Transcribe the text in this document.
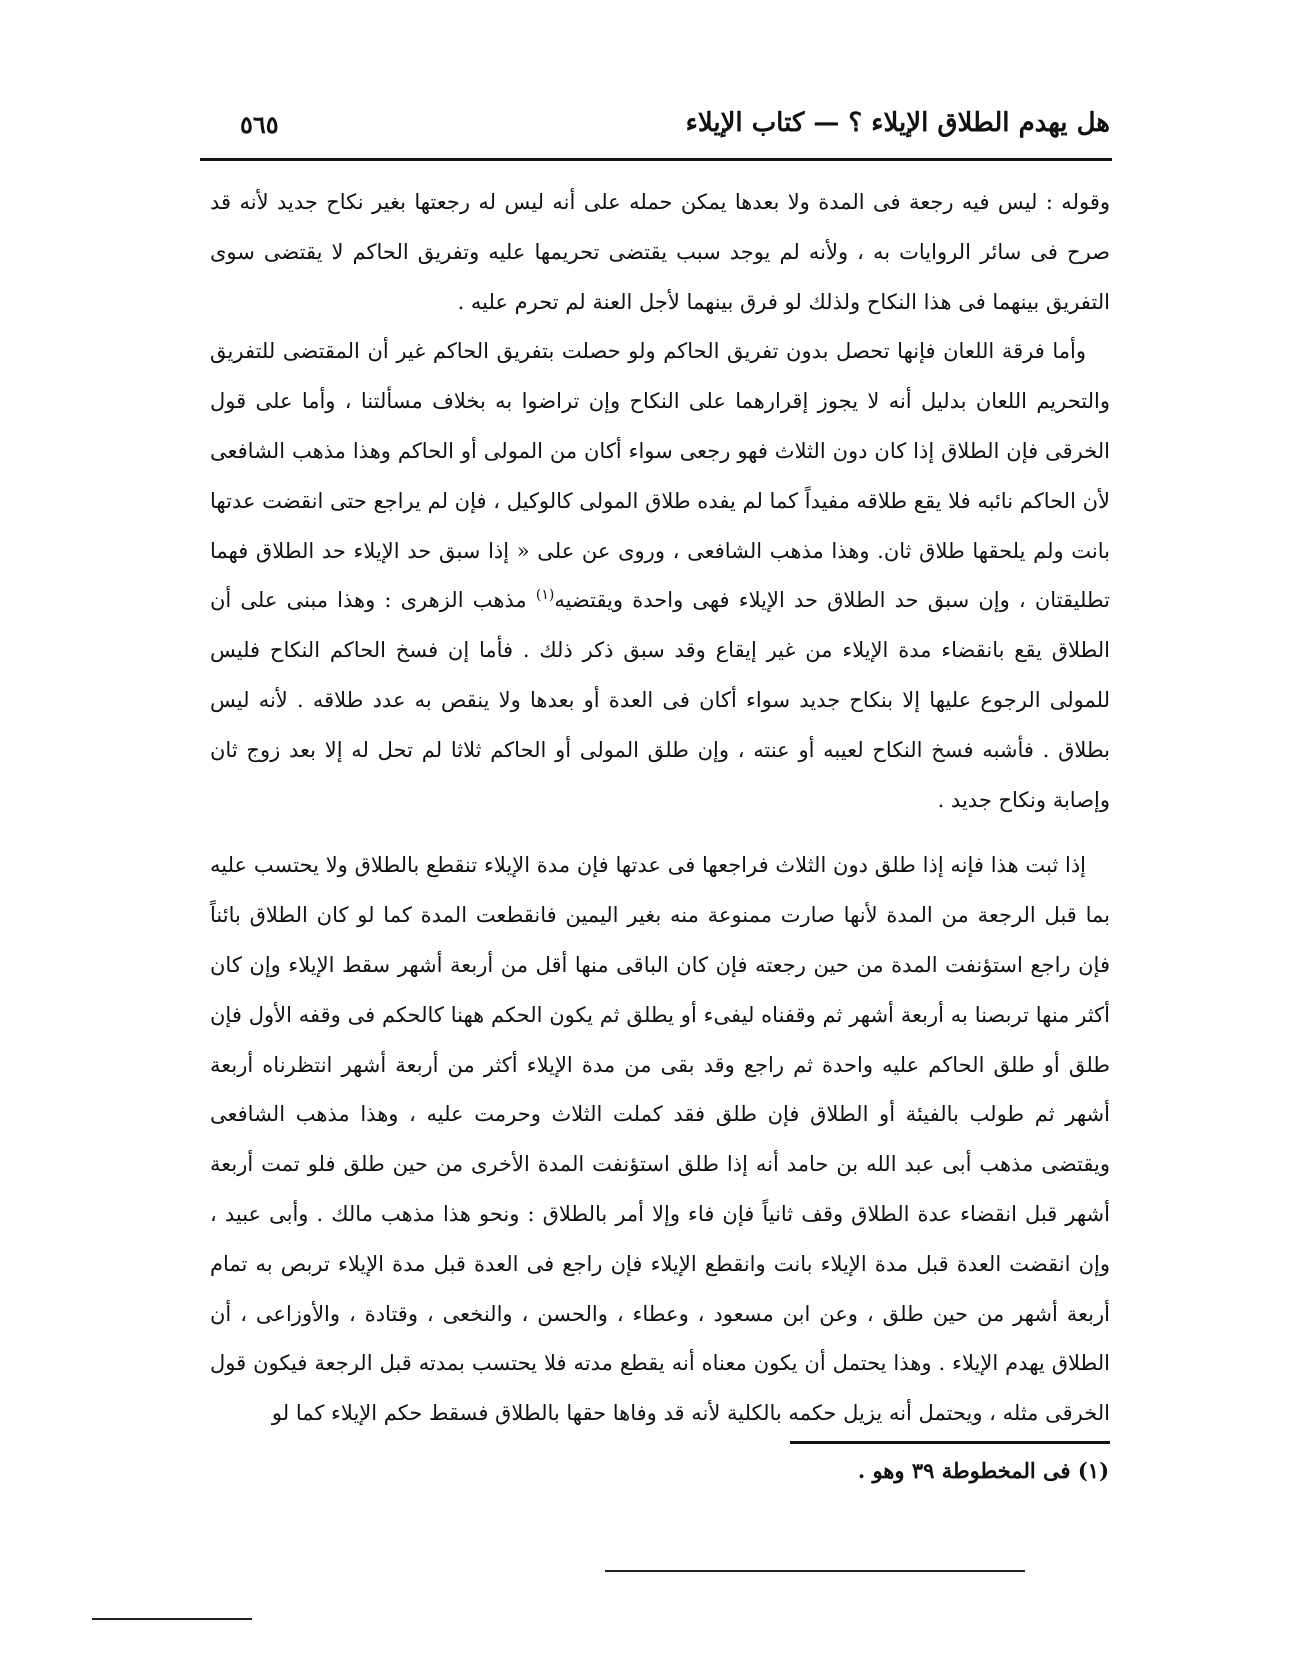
٥٦٥	هل يهدم الطلاق الإيلاء ؟ — كتاب الإيلاء

وقوله : ليس فيه رجعة فى المدة ولا بعدها يمكن حمله على أنه ليس له رجعتها بغير نكاح جديد لأنه قد صرح فى سائر الروايات به ، ولأنه لم يوجد سبب يقتضى تحريمها عليه وتفريق الحاكم لا يقتضى سوى التفريق بينهما فى هذا النكاح ولذلك لو فرق بينهما لأجل العنة لم تحرم عليه .

وأما فرقة اللعان فإنها تحصل بدون تفريق الحاكم ولو حصلت بتفريق الحاكم غير أن المقتضى للتفريق والتحريم اللعان بدليل أنه لا يجوز إقرارهما على النكاح وإن تراضوا به بخلاف مسألتنا ، وأما على قول الخرقى فإن الطلاق إذا كان دون الثلاث فهو رجعى سواء أكان من المولى أو الحاكم وهذا مذهب الشافعى لأن الحاكم نائبه فلا يقع طلاقه مفيداً كما لم يفده طلاق المولى كالوكيل ، فإن لم يراجع حتى انقضت عدتها بانت ولم يلحقها طلاق ثان. وهذا مذهب الشافعى ، وروى عن على « إذا سبق حد الإيلاء حد الطلاق فهما تطليقتان ، وإن سبق حد الطلاق حد الإيلاء فهى واحدة ويقتضيه$^{(١)}$ مذهب الزهرى : وهذا مبنى على أن الطلاق يقع بانقضاء مدة الإيلاء من غير إيقاع وقد سبق ذكر ذلك . فأما إن فسخ الحاكم النكاح فليس للمولى الرجوع عليها إلا بنكاح جديد سواء أكان فى العدة أو بعدها ولا ينقص به عدد طلاقه . لأنه ليس بطلاق . فأشبه فسخ النكاح لعيبه أو عنته ، وإن طلق المولى أو الحاكم ثلاثا لم تحل له إلا بعد زوج ثان وإصابة ونكاح جديد .

إذا ثبت هذا فإنه إذا طلق دون الثلاث فراجعها فى عدتها فإن مدة الإيلاء تنقطع بالطلاق ولا يحتسب عليه بما قبل الرجعة من المدة لأنها صارت ممنوعة منه بغير اليمين فانقطعت المدة كما لو كان الطلاق بائناً فإن راجع استؤنفت المدة من حين رجعته فإن كان الباقى منها أقل من أربعة أشهر سقط الإيلاء وإن كان أكثر منها تربصنا به أربعة أشهر ثم وقفناه ليفىء أو يطلق ثم يكون الحكم ههنا كالحكم فى وقفه الأول فإن طلق أو طلق الحاكم عليه واحدة ثم راجع وقد بقى من مدة الإيلاء أكثر من أربعة أشهر انتظرناه أربعة أشهر ثم طولب بالفيئة أو الطلاق فإن طلق فقد كملت الثلاث وحرمت عليه ، وهذا مذهب الشافعى ويقتضى مذهب أبى عبد الله بن حامد أنه إذا طلق استؤنفت المدة الأخرى من حين طلق فلو تمت أربعة أشهر قبل انقضاء عدة الطلاق وقف ثانياً فإن فاء وإلا أمر بالطلاق : ونحو هذا مذهب مالك . وأبى عبيد ، وإن انقضت العدة قبل مدة الإيلاء بانت وانقطع الإيلاء فإن راجع فى العدة قبل مدة الإيلاء تربص به تمام أربعة أشهر من حين طلق ، وعن ابن مسعود ، وعطاء ، والحسن ، والنخعى ، وقتادة ، والأوزاعى ، أن الطلاق يهدم الإيلاء . وهذا يحتمل أن يكون معناه أنه يقطع مدته فلا يحتسب بمدته قبل الرجعة فيكون قول الخرقى مثله ، ويحتمل أنه يزيل حكمه بالكلية لأنه قد وفاها حقها بالطلاق فسقط حكم الإيلاء كما لو

(١) فى المخطوطة ٣٩ وهو .
